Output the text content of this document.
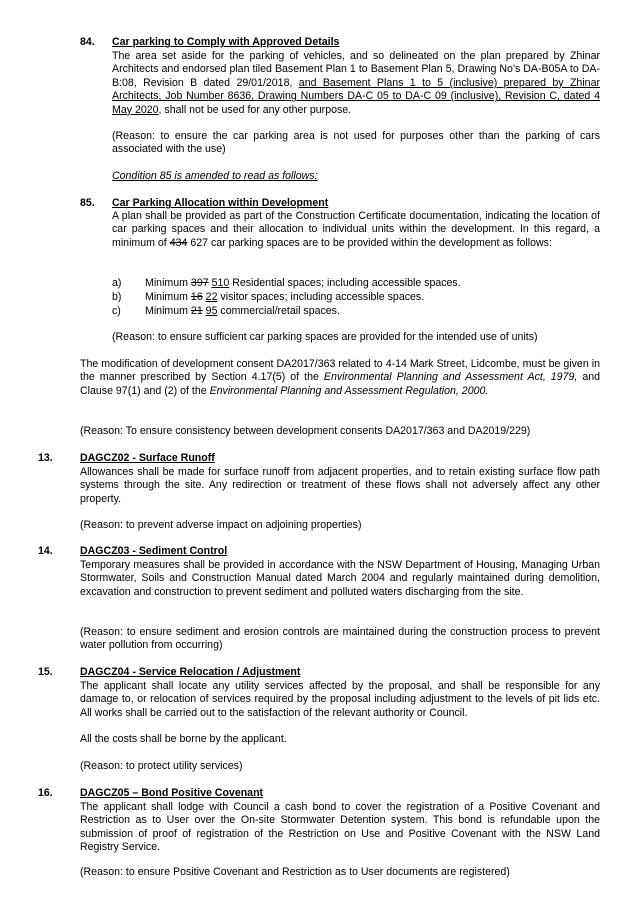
84. Car parking to Comply with Approved Details
The area set aside for the parking of vehicles, and so delineated on the plan prepared by Zhinar Architects and endorsed plan tiled Basement Plan 1 to Basement Plan 5, Drawing No's DA-B05A to DA-B:08, Revision B dated 29/01/2018, and Basement Plans 1 to 5 (inclusive) prepared by Zhinar Architects, Job Number 8636, Drawing Numbers DA-C 05 to DA-C 09 (inclusive), Revision C, dated 4 May 2020, shall not be used for any other purpose.
(Reason: to ensure the car parking area is not used for purposes other than the parking of cars associated with the use)
Condition 85 is amended to read as follows:
85. Car Parking Allocation within Development
A plan shall be provided as part of the Construction Certificate documentation, indicating the location of car parking spaces and their allocation to individual units within the development. In this regard, a minimum of 434 627 car parking spaces are to be provided within the development as follows:
a) Minimum 397 510 Residential spaces; including accessible spaces.
b) Minimum 16 22 visitor spaces; including accessible spaces.
c) Minimum 21 95 commercial/retail spaces.
(Reason: to ensure sufficient car parking spaces are provided for the intended use of units)
The modification of development consent DA2017/363 related to 4-14 Mark Street, Lidcombe, must be given in the manner prescribed by Section 4.17(5) of the Environmental Planning and Assessment Act, 1979, and Clause 97(1) and (2) of the Environmental Planning and Assessment Regulation, 2000.
(Reason: To ensure consistency between development consents DA2017/363 and DA2019/229)
13.	DAGCZ02 - Surface Runoff
Allowances shall be made for surface runoff from adjacent properties, and to retain existing surface flow path systems through the site. Any redirection or treatment of these flows shall not adversely affect any other property.
(Reason: to prevent adverse impact on adjoining properties)
14.	DAGCZ03 - Sediment Control
Temporary measures shall be provided in accordance with the NSW Department of Housing, Managing Urban Stormwater, Soils and Construction Manual dated March 2004 and regularly maintained during demolition, excavation and construction to prevent sediment and polluted waters discharging from the site.
(Reason: to ensure sediment and erosion controls are maintained during the construction process to prevent water pollution from occurring)
15.	DAGCZ04 - Service Relocation / Adjustment
The applicant shall locate any utility services affected by the proposal, and shall be responsible for any damage to, or relocation of services required by the proposal including adjustment to the levels of pit lids etc. All works shall be carried out to the satisfaction of the relevant authority or Council.
All the costs shall be borne by the applicant.
(Reason: to protect utility services)
16.	DAGCZ05 – Bond Positive Covenant
The applicant shall lodge with Council a cash bond to cover the registration of a Positive Covenant and Restriction as to User over the On-site Stormwater Detention system. This bond is refundable upon the submission of proof of registration of the Restriction on Use and Positive Covenant with the NSW Land Registry Service.
(Reason: to ensure Positive Covenant and Restriction as to User documents are registered)
